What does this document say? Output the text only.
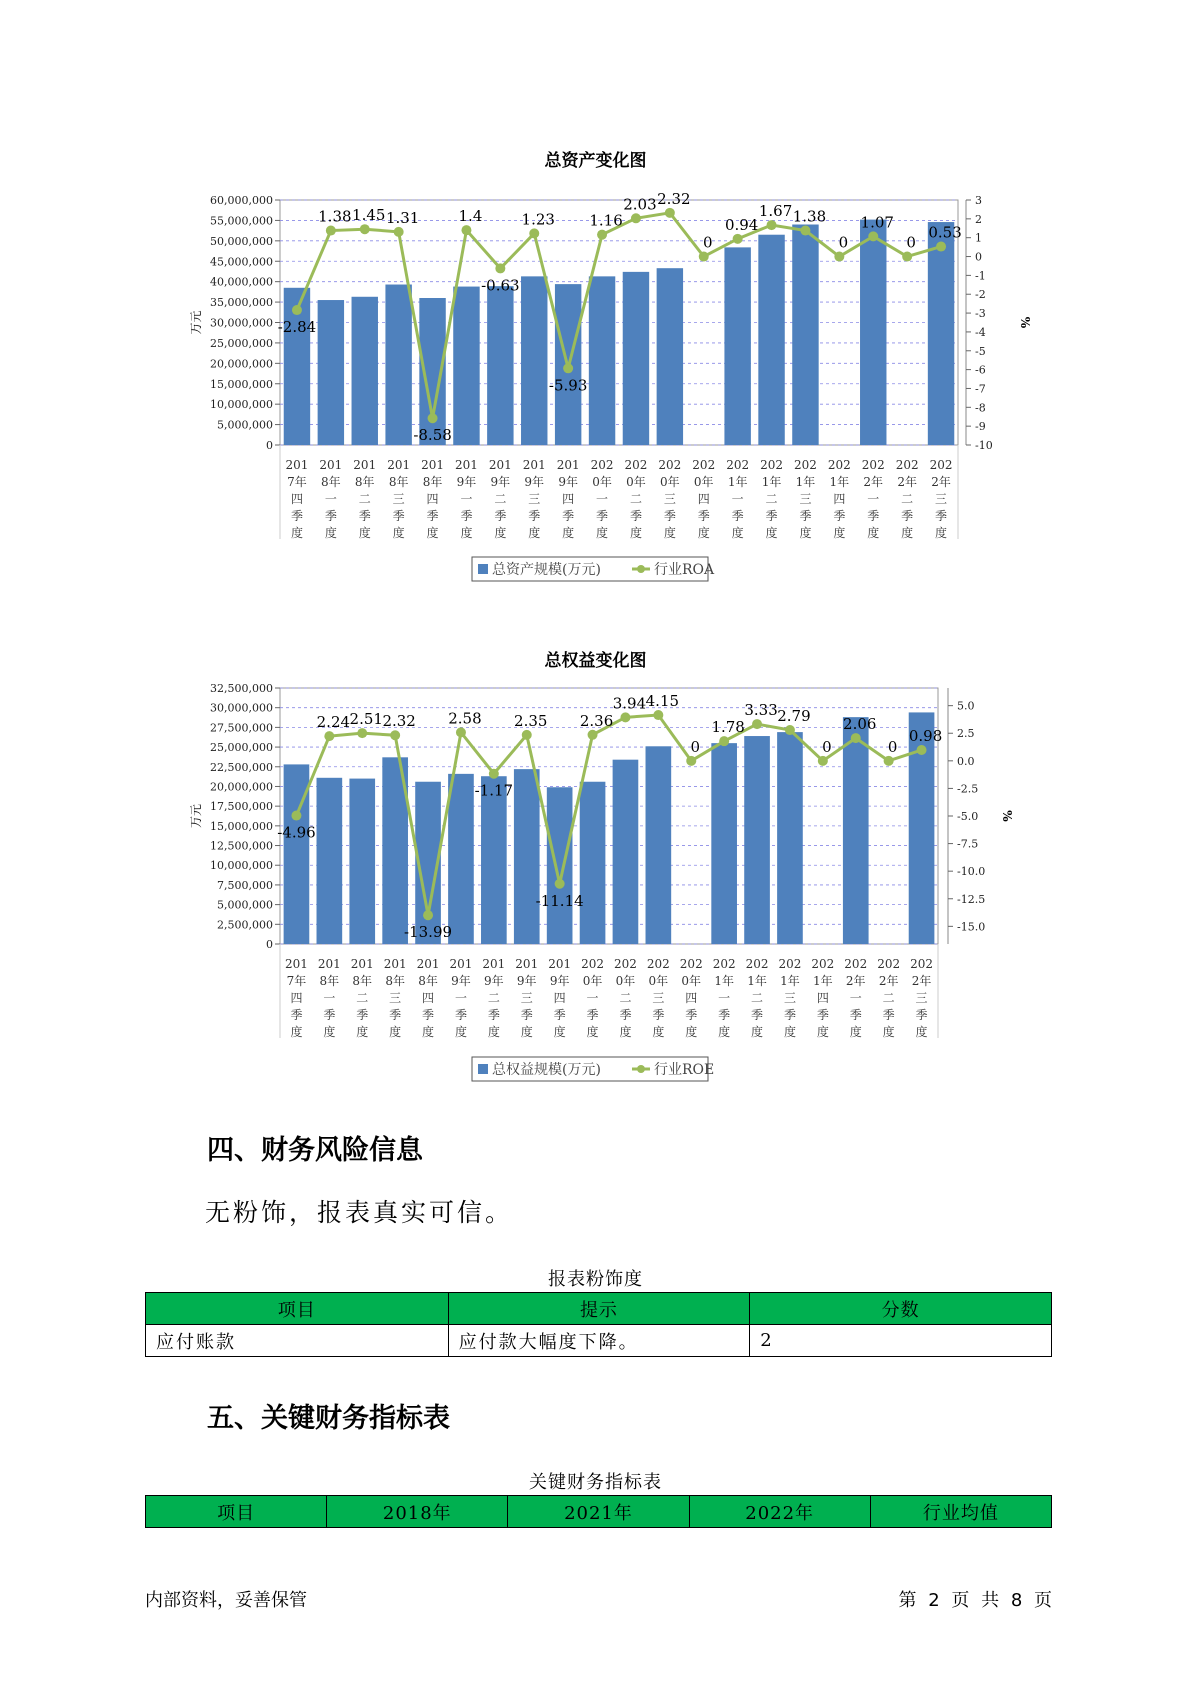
总资产变化图
0
5,000,000
10,000,000
15,000,000
20,000,000
25,000,000
30,000,000
35,000,000
40,000,000
45,000,000
50,000,000
55,000,000
60,000,000
-10
-9
-8
-7
-6
-5
-4
-3
-2
-1
0
1
2
3
万元	%
-2.84
1.38 1.45 1.31
-8.58
1.4
-0.63
1.23
-5.93
1.16
2.03 2.32
0
0.94
1.67 1.38
0
1.07
0
0.53
201 7年四季度
201 8年一季度
201 8年二季度
201 8年三季度
201 8年四季度
201 9年一季度
201 9年二季度
201 9年三季度
201 9年四季度
202 0年一季度
202 0年二季度
202 0年三季度
202 0年四季度
202 1年一季度
202 1年二季度
202 1年三季度
202 1年四季度
202 2年一季度
202 2年二季度
202 2年三季度
总资产规模(万元)	行业ROA
总权益变化图
0
2,500,000
5,000,000
7,500,000
10,000,000
12,500,000
15,000,000
17,500,000
20,000,000
22,500,000
25,000,000
27,500,000
30,000,000
32,500,000
-15.0
-12.5
-10.0
-7.5
-5.0
-2.5
0.0
2.5
5.0
万元	%
-4.96
2.24 2.51 2.32
-13.99
2.58
-1.17
2.35
-11.14
2.36
3.94 4.15
0
1.78
3.33 2.79
0
2.06
0
0.98
201 7年四季度
201 8年一季度
201 8年二季度
201 8年三季度
201 8年四季度
201 9年一季度
201 9年二季度
201 9年三季度
201 9年四季度
202 0年一季度
202 0年二季度
202 0年三季度
202 0年四季度
202 1年一季度
202 1年二季度
202 1年三季度
202 1年四季度
202 2年一季度
202 2年二季度
202 2年三季度
总权益规模(万元)	行业ROE
四、财务风险信息
无粉饰，报表真实可信。
报表粉饰度
项目	提示	分数
应付账款	应付款大幅度下降。	2
五、关键财务指标表
关键财务指标表
项目	2018年	2021年	2022年	行业均值
内部资料，妥善保管	第 2 页 共 8 页
